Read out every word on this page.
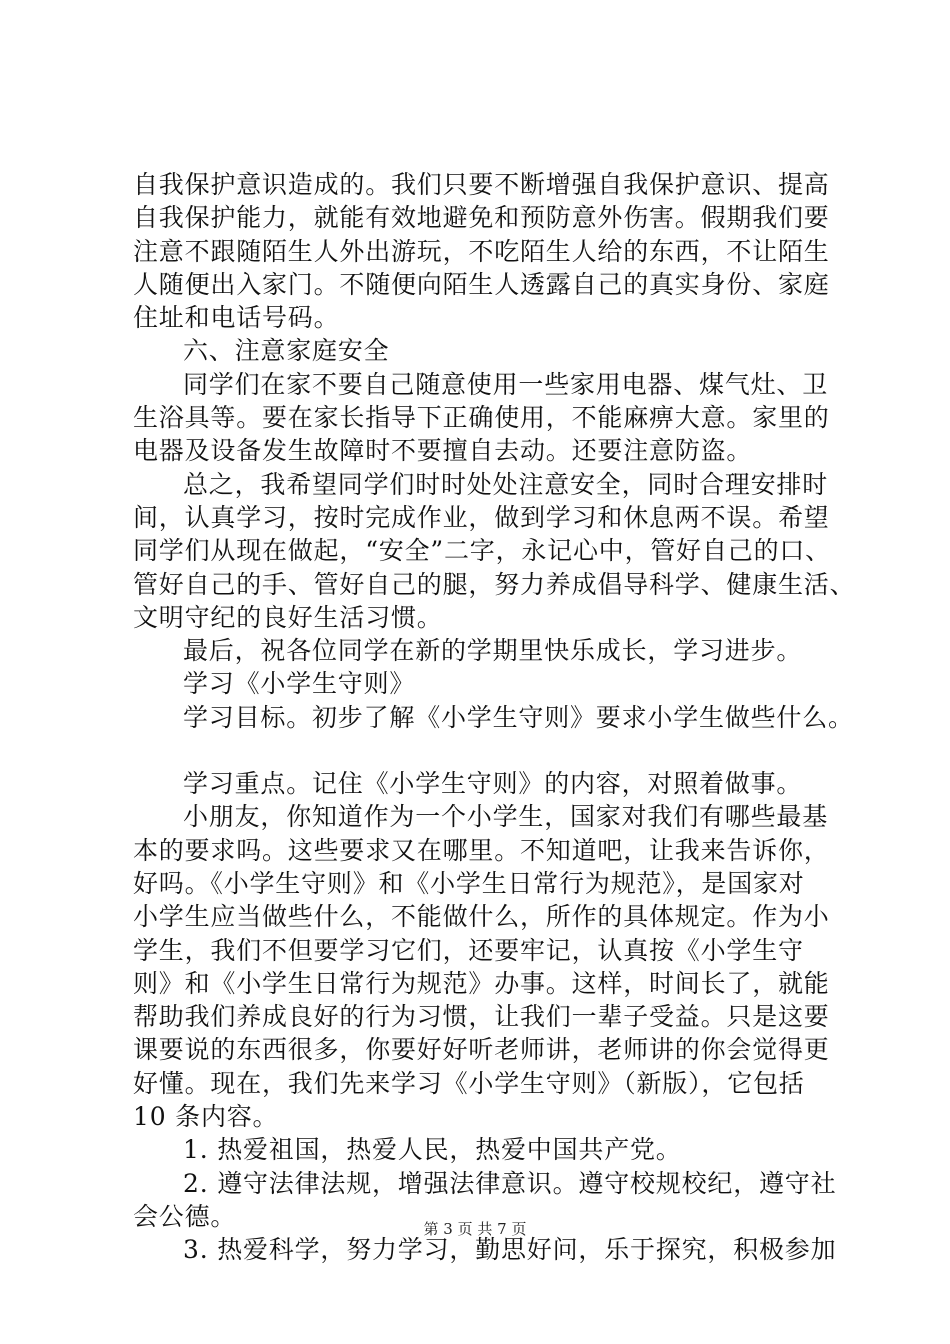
自我保护意识造成的。我们只要不断增强自我保护意识、提高
自我保护能力，就能有效地避免和预防意外伤害。假期我们要
注意不跟随陌生人外出游玩，不吃陌生人给的东西，不让陌生
人随便出入家门。不随便向陌生人透露自己的真实身份、家庭
住址和电话号码。
六、注意家庭安全
同学们在家不要自己随意使用一些家用电器、煤气灶、卫
生浴具等。要在家长指导下正确使用，不能麻痹大意。家里的
电器及设备发生故障时不要擅自去动。还要注意防盗。
总之，我希望同学们时时处处注意安全，同时合理安排时
间，认真学习，按时完成作业，做到学习和休息两不误。希望
同学们从现在做起，“安全”二字，永记心中，管好自己的口、
管好自己的手、管好自己的腿，努力养成倡导科学、健康生活、
文明守纪的良好生活习惯。
最后，祝各位同学在新的学期里快乐成长，学习进步。
学习《小学生守则》
学习目标。初步了解《小学生守则》要求小学生做些什么。
学习重点。记住《小学生守则》的内容，对照着做事。
小朋友，你知道作为一个小学生，国家对我们有哪些最基
本的要求吗。这些要求又在哪里。不知道吧，让我来告诉你，
好吗。《小学生守则》和《小学生日常行为规范》，是国家对
小学生应当做些什么，不能做什么，所作的具体规定。作为小
学生，我们不但要学习它们，还要牢记，认真按《小学生守
则》和《小学生日常行为规范》办事。这样，时间长了，就能
帮助我们养成良好的行为习惯，让我们一辈子受益。只是这要
课要说的东西很多，你要好好听老师讲，老师讲的你会觉得更
好懂。现在，我们先来学习《小学生守则》（新版），它包括
10 条内容。
1. 热爱祖国，热爱人民，热爱中国共产党。
2. 遵守法律法规，增强法律意识。遵守校规校纪，遵守社
会公德。
3. 热爱科学，努力学习，勤思好问，乐于探究，积极参加
第 3 页 共 7 页
